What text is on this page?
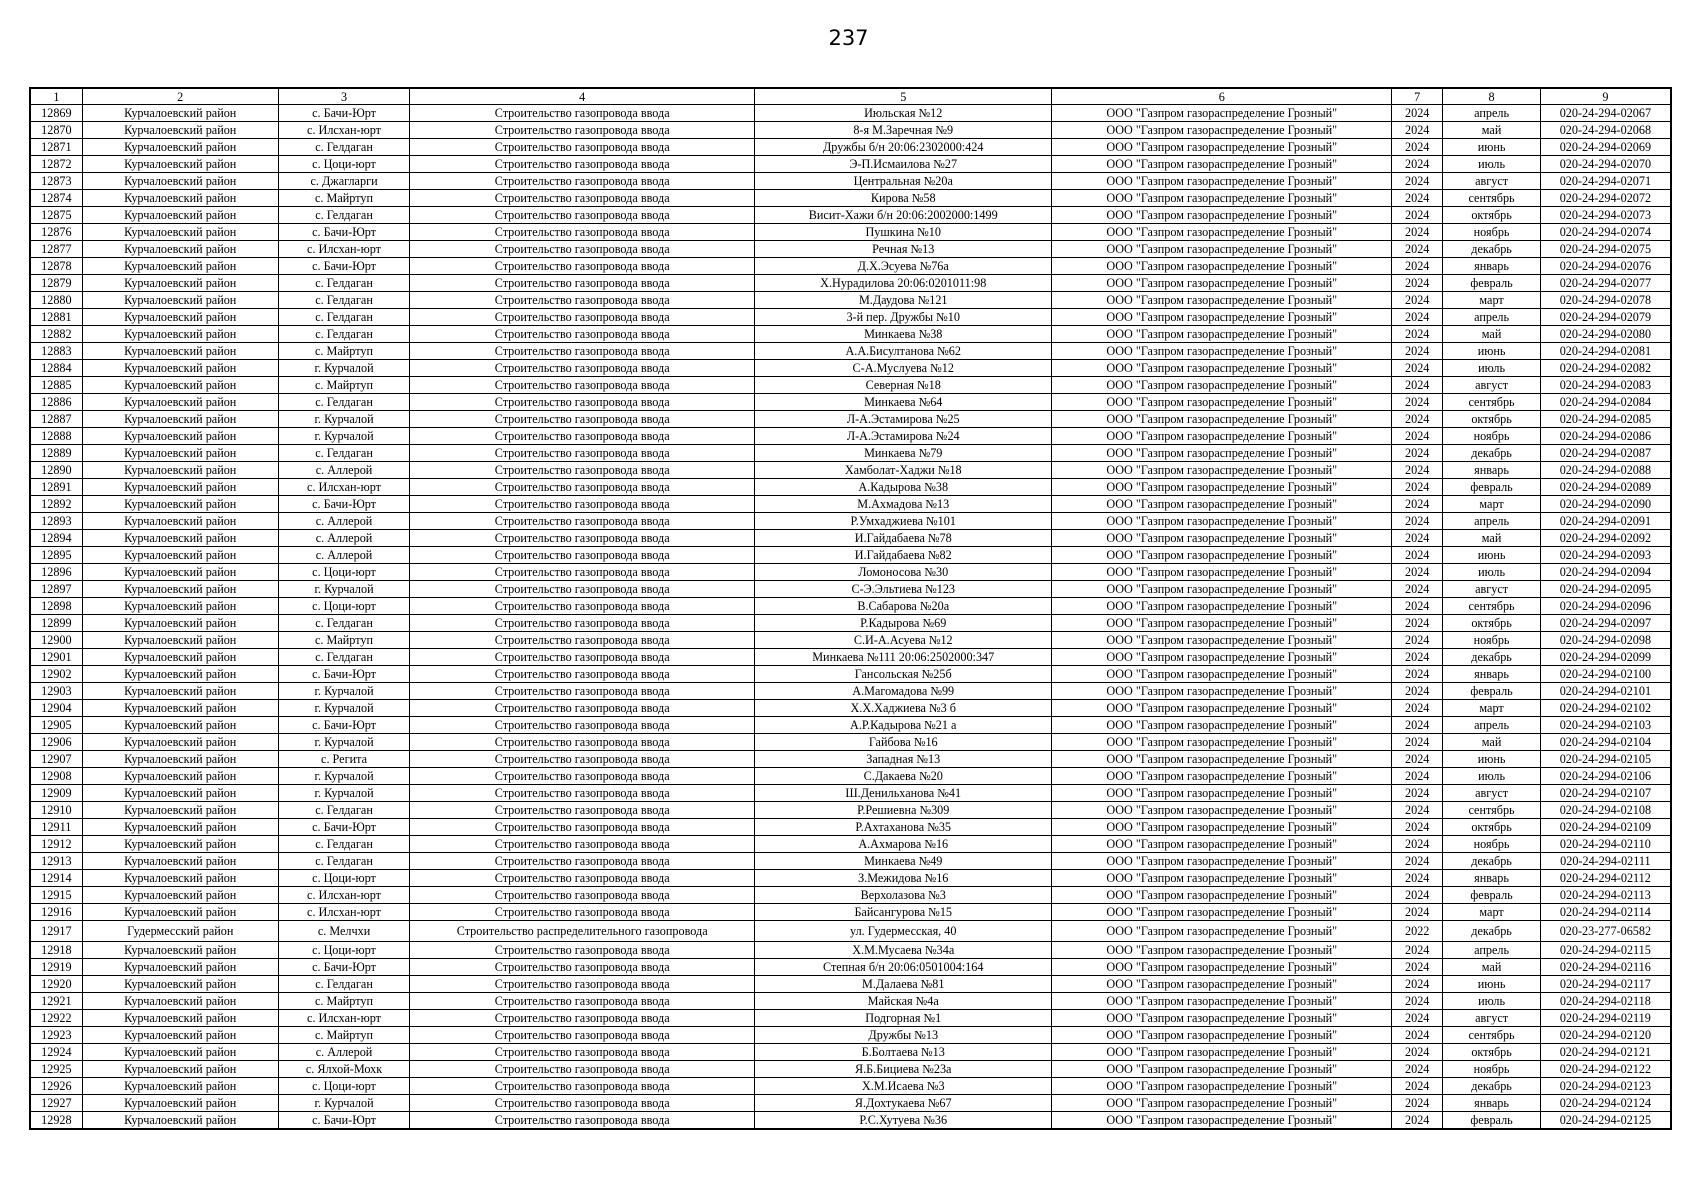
237
1	2	3	4	5	6	7	8	9
12869	Курчалоевский район	с. Бачи-Юрт	Строительство газопровода ввода	Июльская №12	ООО "Газпром газораспределение Грозный"	2024	апрель	020-24-294-02067
12870	Курчалоевский район	с. Илсхан-юрт	Строительство газопровода ввода	8-я М.Заречная №9	ООО "Газпром газораспределение Грозный"	2024	май	020-24-294-02068
12871	Курчалоевский район	с. Гелдаган	Строительство газопровода ввода	Дружбы б/н 20:06:2302000:424	ООО "Газпром газораспределение Грозный"	2024	июнь	020-24-294-02069
12872	Курчалоевский район	с. Цоци-юрт	Строительство газопровода ввода	Э-П.Исмаилова №27	ООО "Газпром газораспределение Грозный"	2024	июль	020-24-294-02070
12873	Курчалоевский район	с. Джагларги	Строительство газопровода ввода	Центральная №20а	ООО "Газпром газораспределение Грозный"	2024	август	020-24-294-02071
12874	Курчалоевский район	с. Майртуп	Строительство газопровода ввода	Кирова №58	ООО "Газпром газораспределение Грозный"	2024	сентябрь	020-24-294-02072
12875	Курчалоевский район	с. Гелдаган	Строительство газопровода ввода	Висит-Хажи б/н 20:06:2002000:1499	ООО "Газпром газораспределение Грозный"	2024	октябрь	020-24-294-02073
12876	Курчалоевский район	с. Бачи-Юрт	Строительство газопровода ввода	Пушкина №10	ООО "Газпром газораспределение Грозный"	2024	ноябрь	020-24-294-02074
12877	Курчалоевский район	с. Илсхан-юрт	Строительство газопровода ввода	Речная №13	ООО "Газпром газораспределение Грозный"	2024	декабрь	020-24-294-02075
12878	Курчалоевский район	с. Бачи-Юрт	Строительство газопровода ввода	Д.Х.Эсуева №76а	ООО "Газпром газораспределение Грозный"	2024	январь	020-24-294-02076
12879	Курчалоевский район	с. Гелдаган	Строительство газопровода ввода	Х.Нурадилова 20:06:0201011:98	ООО "Газпром газораспределение Грозный"	2024	февраль	020-24-294-02077
12880	Курчалоевский район	с. Гелдаган	Строительство газопровода ввода	М.Даудова №121	ООО "Газпром газораспределение Грозный"	2024	март	020-24-294-02078
12881	Курчалоевский район	с. Гелдаган	Строительство газопровода ввода	3-й пер. Дружбы №10	ООО "Газпром газораспределение Грозный"	2024	апрель	020-24-294-02079
12882	Курчалоевский район	с. Гелдаган	Строительство газопровода ввода	Минкаева №38	ООО "Газпром газораспределение Грозный"	2024	май	020-24-294-02080
12883	Курчалоевский район	с. Майртуп	Строительство газопровода ввода	А.А.Бисултанова №62	ООО "Газпром газораспределение Грозный"	2024	июнь	020-24-294-02081
12884	Курчалоевский район	г. Курчалой	Строительство газопровода ввода	С-А.Муслуева №12	ООО "Газпром газораспределение Грозный"	2024	июль	020-24-294-02082
12885	Курчалоевский район	с. Майртуп	Строительство газопровода ввода	Северная №18	ООО "Газпром газораспределение Грозный"	2024	август	020-24-294-02083
12886	Курчалоевский район	с. Гелдаган	Строительство газопровода ввода	Минкаева №64	ООО "Газпром газораспределение Грозный"	2024	сентябрь	020-24-294-02084
12887	Курчалоевский район	г. Курчалой	Строительство газопровода ввода	Л-А.Эстамирова №25	ООО "Газпром газораспределение Грозный"	2024	октябрь	020-24-294-02085
12888	Курчалоевский район	г. Курчалой	Строительство газопровода ввода	Л-А.Эстамирова №24	ООО "Газпром газораспределение Грозный"	2024	ноябрь	020-24-294-02086
12889	Курчалоевский район	с. Гелдаган	Строительство газопровода ввода	Минкаева №79	ООО "Газпром газораспределение Грозный"	2024	декабрь	020-24-294-02087
12890	Курчалоевский район	с. Аллерой	Строительство газопровода ввода	Хамболат-Хаджи №18	ООО "Газпром газораспределение Грозный"	2024	январь	020-24-294-02088
12891	Курчалоевский район	с. Илсхан-юрт	Строительство газопровода ввода	А.Кадырова №38	ООО "Газпром газораспределение Грозный"	2024	февраль	020-24-294-02089
12892	Курчалоевский район	с. Бачи-Юрт	Строительство газопровода ввода	М.Ахмадова №13	ООО "Газпром газораспределение Грозный"	2024	март	020-24-294-02090
12893	Курчалоевский район	с. Аллерой	Строительство газопровода ввода	Р.Умхаджиева №101	ООО "Газпром газораспределение Грозный"	2024	апрель	020-24-294-02091
12894	Курчалоевский район	с. Аллерой	Строительство газопровода ввода	И.Гайдабаева №78	ООО "Газпром газораспределение Грозный"	2024	май	020-24-294-02092
12895	Курчалоевский район	с. Аллерой	Строительство газопровода ввода	И.Гайдабаева №82	ООО "Газпром газораспределение Грозный"	2024	июнь	020-24-294-02093
12896	Курчалоевский район	с. Цоци-юрт	Строительство газопровода ввода	Ломоносова №30	ООО "Газпром газораспределение Грозный"	2024	июль	020-24-294-02094
12897	Курчалоевский район	г. Курчалой	Строительство газопровода ввода	С-Э.Эльтиева №123	ООО "Газпром газораспределение Грозный"	2024	август	020-24-294-02095
12898	Курчалоевский район	с. Цоци-юрт	Строительство газопровода ввода	В.Сабарова №20а	ООО "Газпром газораспределение Грозный"	2024	сентябрь	020-24-294-02096
12899	Курчалоевский район	с. Гелдаган	Строительство газопровода ввода	Р.Кадырова №69	ООО "Газпром газораспределение Грозный"	2024	октябрь	020-24-294-02097
12900	Курчалоевский район	с. Майртуп	Строительство газопровода ввода	С.И-А.Асуева №12	ООО "Газпром газораспределение Грозный"	2024	ноябрь	020-24-294-02098
12901	Курчалоевский район	с. Гелдаган	Строительство газопровода ввода	Минкаева №111 20:06:2502000:347	ООО "Газпром газораспределение Грозный"	2024	декабрь	020-24-294-02099
12902	Курчалоевский район	с. Бачи-Юрт	Строительство газопровода ввода	Гансольская №25б	ООО "Газпром газораспределение Грозный"	2024	январь	020-24-294-02100
12903	Курчалоевский район	г. Курчалой	Строительство газопровода ввода	А.Магомадова №99	ООО "Газпром газораспределение Грозный"	2024	февраль	020-24-294-02101
12904	Курчалоевский район	г. Курчалой	Строительство газопровода ввода	Х.Х.Хаджиева №3 б	ООО "Газпром газораспределение Грозный"	2024	март	020-24-294-02102
12905	Курчалоевский район	с. Бачи-Юрт	Строительство газопровода ввода	А.Р.Кадырова №21 а	ООО "Газпром газораспределение Грозный"	2024	апрель	020-24-294-02103
12906	Курчалоевский район	г. Курчалой	Строительство газопровода ввода	Гайбова №16	ООО "Газпром газораспределение Грозный"	2024	май	020-24-294-02104
12907	Курчалоевский район	с. Регита	Строительство газопровода ввода	Западная №13	ООО "Газпром газораспределение Грозный"	2024	июнь	020-24-294-02105
12908	Курчалоевский район	г. Курчалой	Строительство газопровода ввода	С.Дакаева №20	ООО "Газпром газораспределение Грозный"	2024	июль	020-24-294-02106
12909	Курчалоевский район	г. Курчалой	Строительство газопровода ввода	Ш.Денильханова №41	ООО "Газпром газораспределение Грозный"	2024	август	020-24-294-02107
12910	Курчалоевский район	с. Гелдаган	Строительство газопровода ввода	Р.Решиевна №309	ООО "Газпром газораспределение Грозный"	2024	сентябрь	020-24-294-02108
12911	Курчалоевский район	с. Бачи-Юрт	Строительство газопровода ввода	Р.Ахтаханова №35	ООО "Газпром газораспределение Грозный"	2024	октябрь	020-24-294-02109
12912	Курчалоевский район	с. Гелдаган	Строительство газопровода ввода	А.Ахмарова №16	ООО "Газпром газораспределение Грозный"	2024	ноябрь	020-24-294-02110
12913	Курчалоевский район	с. Гелдаган	Строительство газопровода ввода	Минкаева №49	ООО "Газпром газораспределение Грозный"	2024	декабрь	020-24-294-02111
12914	Курчалоевский район	с. Цоци-юрт	Строительство газопровода ввода	З.Межидова №16	ООО "Газпром газораспределение Грозный"	2024	январь	020-24-294-02112
12915	Курчалоевский район	с. Илсхан-юрт	Строительство газопровода ввода	Верхолазова №3	ООО "Газпром газораспределение Грозный"	2024	февраль	020-24-294-02113
12916	Курчалоевский район	с. Илсхан-юрт	Строительство газопровода ввода	Байсангурова №15	ООО "Газпром газораспределение Грозный"	2024	март	020-24-294-02114
12917	Гудермесский район	с. Мелчхи	Строительство распределительного газопровода	ул. Гудермесская, 40	ООО "Газпром газораспределение Грозный"	2022	декабрь	020-23-277-06582
12918	Курчалоевский район	с. Цоци-юрт	Строительство газопровода ввода	Х.М.Мусаева №34а	ООО "Газпром газораспределение Грозный"	2024	апрель	020-24-294-02115
12919	Курчалоевский район	с. Бачи-Юрт	Строительство газопровода ввода	Степная б/н 20:06:0501004:164	ООО "Газпром газораспределение Грозный"	2024	май	020-24-294-02116
12920	Курчалоевский район	с. Гелдаган	Строительство газопровода ввода	М.Далаева №81	ООО "Газпром газораспределение Грозный"	2024	июнь	020-24-294-02117
12921	Курчалоевский район	с. Майртуп	Строительство газопровода ввода	Майская №4а	ООО "Газпром газораспределение Грозный"	2024	июль	020-24-294-02118
12922	Курчалоевский район	с. Илсхан-юрт	Строительство газопровода ввода	Подгорная №1	ООО "Газпром газораспределение Грозный"	2024	август	020-24-294-02119
12923	Курчалоевский район	с. Майртуп	Строительство газопровода ввода	Дружбы №13	ООО "Газпром газораспределение Грозный"	2024	сентябрь	020-24-294-02120
12924	Курчалоевский район	с. Аллерой	Строительство газопровода ввода	Б.Болтаева №13	ООО "Газпром газораспределение Грозный"	2024	октябрь	020-24-294-02121
12925	Курчалоевский район	с. Ялхой-Мохк	Строительство газопровода ввода	Я.Б.Бициева №23а	ООО "Газпром газораспределение Грозный"	2024	ноябрь	020-24-294-02122
12926	Курчалоевский район	с. Цоци-юрт	Строительство газопровода ввода	Х.М.Исаева №3	ООО "Газпром газораспределение Грозный"	2024	декабрь	020-24-294-02123
12927	Курчалоевский район	г. Курчалой	Строительство газопровода ввода	Я.Дохтукаева №67	ООО "Газпром газораспределение Грозный"	2024	январь	020-24-294-02124
12928	Курчалоевский район	с. Бачи-Юрт	Строительство газопровода ввода	Р.С.Хутуева №36	ООО "Газпром газораспределение Грозный"	2024	февраль	020-24-294-02125
